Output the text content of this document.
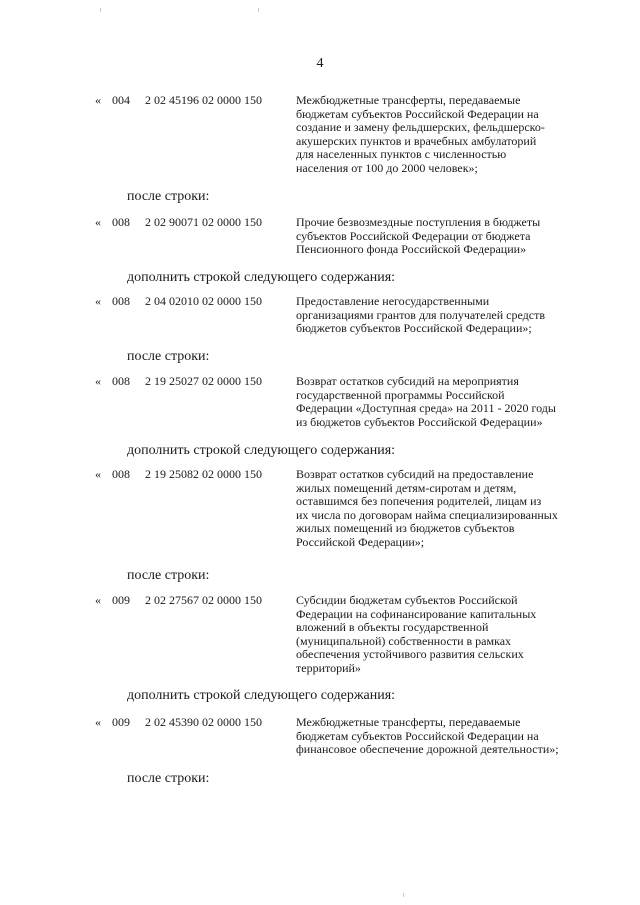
4
« 004 2 02 45196 02 0000 150	Межбюджетные трансферты, передаваемые
бюджетам субъектов Российской Федерации на
создание и замену фельдшерских, фельдшерско-
акушерских пунктов и врачебных амбулаторий
для населенных пунктов с численностью
населения от 100 до 2000 человек»;
после строки:
« 008 2 02 90071 02 0000 150	Прочие безвозмездные поступления в бюджеты
субъектов Российской Федерации от бюджета
Пенсионного фонда Российской Федерации»
дополнить строкой следующего содержания:
« 008 2 04 02010 02 0000 150	Предоставление негосударственными
организациями грантов для получателей средств
бюджетов субъектов Российской Федерации»;
после строки:
« 008 2 19 25027 02 0000 150	Возврат остатков субсидий на мероприятия
государственной программы Российской
Федерации «Доступная среда» на 2011 - 2020 годы
из бюджетов субъектов Российской Федерации»
дополнить строкой следующего содержания:
« 008 2 19 25082 02 0000 150	Возврат остатков субсидий на предоставление
жилых помещений детям-сиротам и детям,
оставшимся без попечения родителей, лицам из
их числа по договорам найма специализированных
жилых помещений из бюджетов субъектов
Российской Федерации»;
после строки:
« 009 2 02 27567 02 0000 150	Субсидии бюджетам субъектов Российской
Федерации на софинансирование капитальных
вложений в объекты государственной
(муниципальной) собственности в рамках
обеспечения устойчивого развития сельских
территорий»
дополнить строкой следующего содержания:
« 009 2 02 45390 02 0000 150	Межбюджетные трансферты, передаваемые
бюджетам субъектов Российской Федерации на
финансовое обеспечение дорожной деятельности»;
после строки:
